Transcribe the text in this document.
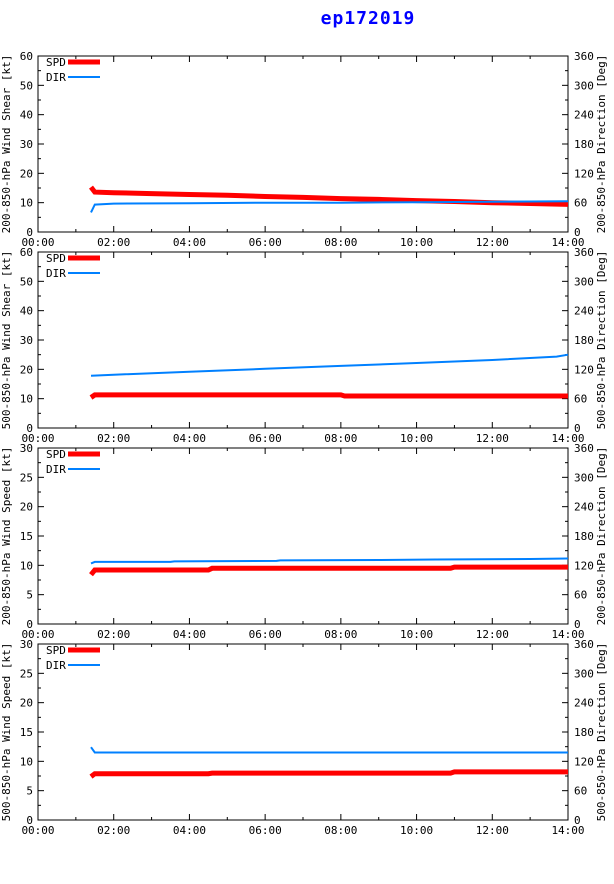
ep172019
00:00	02:00	04:00	06:00	08:00	10:00	12:00	14:00
0
10
20
30
40
50
60
0
60
120
180
240
300
360
200-850-hPa Wind Shear [kt]	200-850-hPa Direction [Deg]
SPD
DIR
00:00	02:00	04:00	06:00	08:00	10:00	12:00	14:00
0
10
20
30
40
50
60
0
60
120
180
240
300
360
500-850-hPa Wind Shear [kt]	500-850-hPa Direction [Deg]
SPD
DIR
00:00	02:00	04:00	06:00	08:00	10:00	12:00	14:00
0
5
10
15
20
25
30
0
60
120
180
240
300
360
200-850-hPa Wind Speed [kt]	200-850-hPa Direction [Deg]
SPD
DIR
00:00	02:00	04:00	06:00	08:00	10:00	12:00	14:00
0
5
10
15
20
25
30
0
60
120
180
240
300
360
500-850-hPa Wind Speed [kt]	500-850-hPa Direction [Deg]
SPD
DIR
